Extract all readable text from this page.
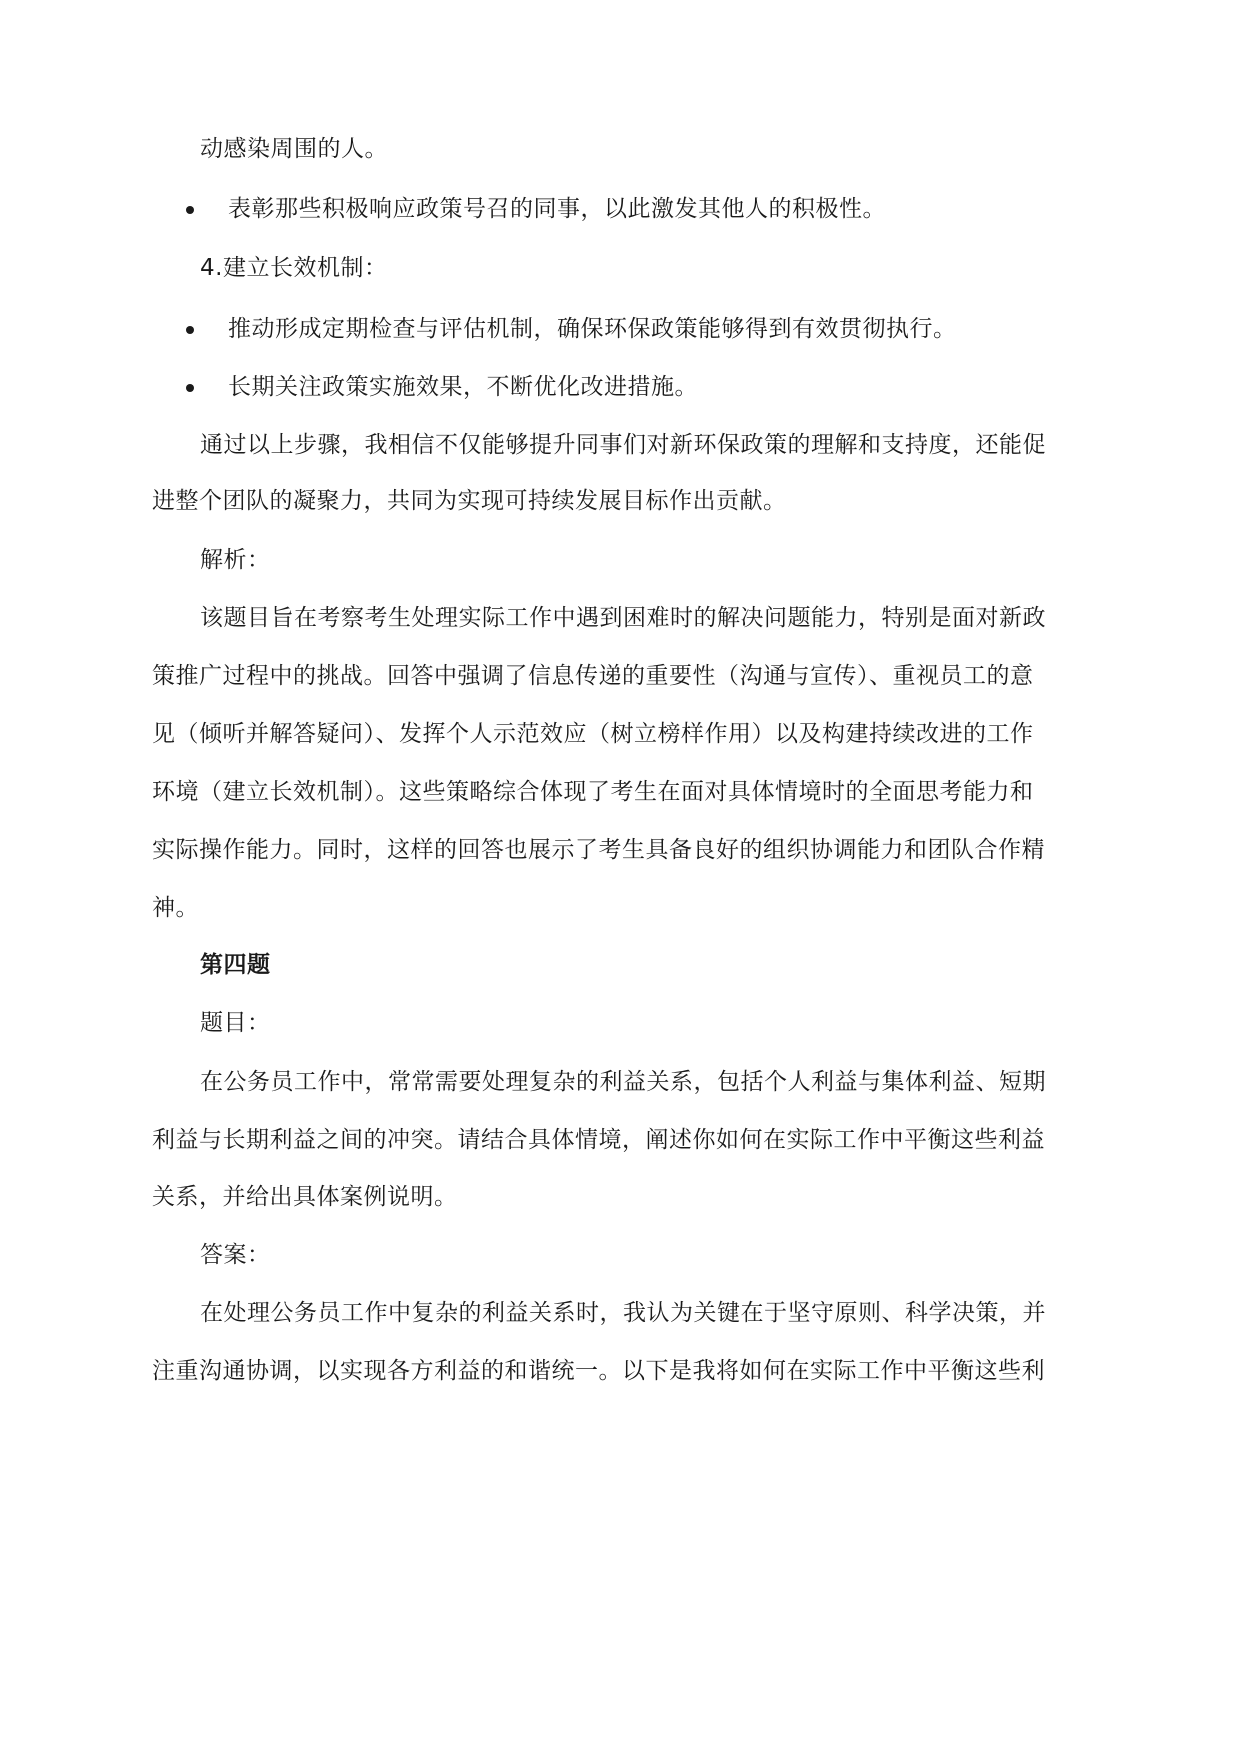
动感染周围的人。
表彰那些积极响应政策号召的同事，以此激发其他人的积极性。
4.建立长效机制：
推动形成定期检查与评估机制，确保环保政策能够得到有效贯彻执行。
长期关注政策实施效果，不断优化改进措施。
通过以上步骤，我相信不仅能够提升同事们对新环保政策的理解和支持度，还能促
进整个团队的凝聚力，共同为实现可持续发展目标作出贡献。
解析：
该题目旨在考察考生处理实际工作中遇到困难时的解决问题能力，特别是面对新政
策推广过程中的挑战。回答中强调了信息传递的重要性（沟通与宣传）、重视员工的意
见（倾听并解答疑问）、发挥个人示范效应（树立榜样作用）以及构建持续改进的工作
环境（建立长效机制）。这些策略综合体现了考生在面对具体情境时的全面思考能力和
实际操作能力。同时，这样的回答也展示了考生具备良好的组织协调能力和团队合作精
神。
第四题
题目：
在公务员工作中，常常需要处理复杂的利益关系，包括个人利益与集体利益、短期
利益与长期利益之间的冲突。请结合具体情境，阐述你如何在实际工作中平衡这些利益
关系，并给出具体案例说明。
答案：
在处理公务员工作中复杂的利益关系时，我认为关键在于坚守原则、科学决策，并
注重沟通协调，以实现各方利益的和谐统一。以下是我将如何在实际工作中平衡这些利
